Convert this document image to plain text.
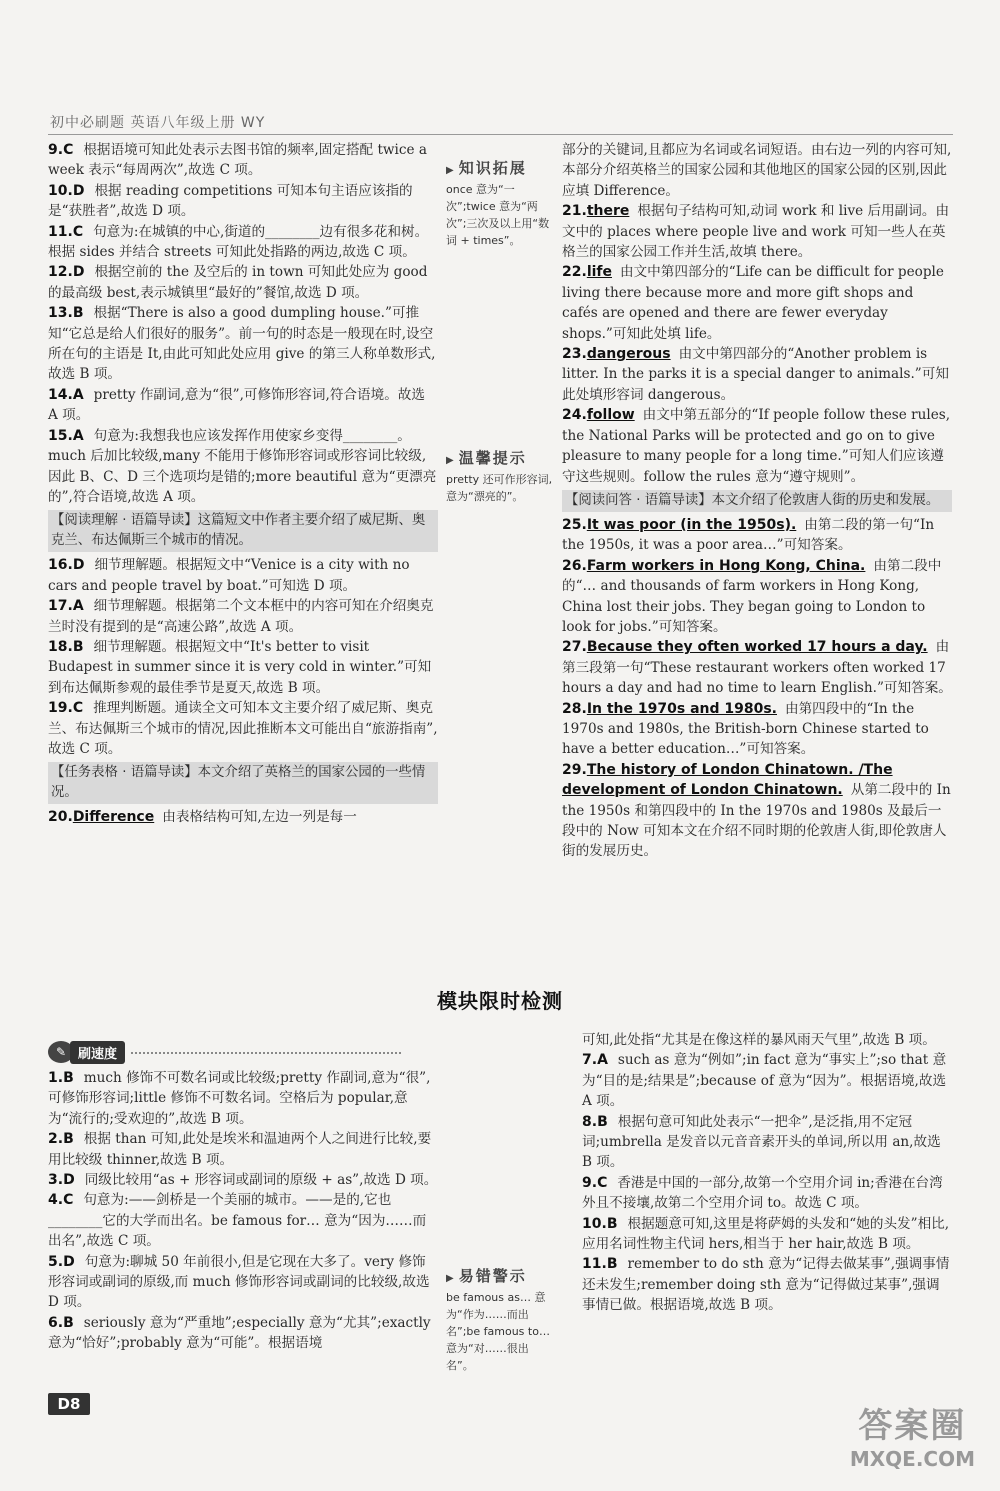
初中必刷题 英语八年级上册 WY
9.C 根据语境可知此处表示去图书馆的频率,固定搭配 twice a week 表示“每周两次”,故选 C 项。
10.D 根据 reading competitions 可知本句主语应该指的是“获胜者”,故选 D 项。
11.C 句意为:在城镇的中心,街道的________边有很多花和树。根据 sides 并结合 streets 可知此处指路的两边,故选 C 项。
12.D 根据空前的 the 及空后的 in town 可知此处应为 good 的最高级 best,表示城镇里“最好的”餐馆,故选 D 项。
13.B 根据“There is also a good dumpling house.”可推知“它总是给人们很好的服务”。前一句的时态是一般现在时,设空所在句的主语是 It,由此可知此处应用 give 的第三人称单数形式,故选 B 项。
14.A pretty 作副词,意为“很”,可修饰形容词,符合语境。故选 A 项。
15.A 句意为:我想我也应该发挥作用使家乡变得________。much 后加比较级,many 不能用于修饰形容词或形容词比较级,因此 B、C、D 三个选项均是错的;more beautiful 意为“更漂亮的”,符合语境,故选 A 项。
【阅读理解 · 语篇导读】这篇短文中作者主要介绍了威尼斯、奥克兰、布达佩斯三个城市的情况。
16.D 细节理解题。根据短文中“Venice is a city with no cars and people travel by boat.”可知选 D 项。
17.A 细节理解题。根据第二个文本框中的内容可知在介绍奥克兰时没有提到的是“高速公路”,故选 A 项。
18.B 细节理解题。根据短文中“It's better to visit Budapest in summer since it is very cold in winter.”可知到布达佩斯参观的最佳季节是夏天,故选 B 项。
19.C 推理判断题。通读全文可知本文主要介绍了威尼斯、奥克兰、布达佩斯三个城市的情况,因此推断本文可能出自“旅游指南”,故选 C 项。
【任务表格 · 语篇导读】本文介绍了英格兰的国家公园的一些情况。
20.Difference 由表格结构可知,左边一列是每一
部分的关键词,且都应为名词或名词短语。由右边一列的内容可知,本部分介绍英格兰的国家公园和其他地区的国家公园的区别,因此应填 Difference。
21.there 根据句子结构可知,动词 work 和 live 后用副词。由文中的 places where people live and work 可知一些人在英格兰的国家公园工作并生活,故填 there。
22.life 由文中第四部分的“Life can be difficult for people living there because more and more gift shops and cafés are opened and there are fewer everyday shops.”可知此处填 life。
23.dangerous 由文中第四部分的“Another problem is litter. In the parks it is a special danger to animals.”可知此处填形容词 dangerous。
24.follow 由文中第五部分的“If people follow these rules, the National Parks will be protected and go on to give pleasure to many people for a long time.”可知人们应该遵守这些规则。follow the rules 意为“遵守规则”。
【阅读问答 · 语篇导读】本文介绍了伦敦唐人街的历史和发展。
25.It was poor (in the 1950s). 由第二段的第一句“In the 1950s, it was a poor area…”可知答案。
26.Farm workers in Hong Kong, China. 由第二段中的“… and thousands of farm workers in Hong Kong, China lost their jobs. They began going to London to look for jobs.”可知答案。
27.Because they often worked 17 hours a day. 由第三段第一句“These restaurant workers often worked 17 hours a day and had no time to learn English.”可知答案。
28.In the 1970s and 1980s. 由第四段中的“In the 1970s and 1980s, the British-born Chinese started to have a better education…”可知答案。
29.The history of London Chinatown. /The development of London Chinatown. 从第二段中的 In the 1950s 和第四段中的 In the 1970s and 1980s 及最后一段中的 Now 可知本文在介绍不同时期的伦敦唐人街,即伦敦唐人街的发展历史。
▶ 知识拓展
once 意为“一次”;twice 意为“两次”;三次及以上用“数词 + times”。
▶ 温馨提示
pretty 还可作形容词,意为“漂亮的”。
模块限时检测
✎ 刷速度
1.B much 修饰不可数名词或比较级;pretty 作副词,意为“很”,可修饰形容词;little 修饰不可数名词。空格后为 popular,意为“流行的;受欢迎的”,故选 B 项。
2.B 根据 than 可知,此处是埃米和温迪两个人之间进行比较,要用比较级 thinner,故选 B 项。
3.D 同级比较用“as + 形容词或副词的原级 + as”,故选 D 项。
4.C 句意为:——剑桥是一个美丽的城市。——是的,它也________它的大学而出名。be famous for… 意为“因为……而出名”,故选 C 项。
5.D 句意为:聊城 50 年前很小,但是它现在大多了。very 修饰形容词或副词的原级,而 much 修饰形容词或副词的比较级,故选 D 项。
6.B seriously 意为“严重地”;especially 意为“尤其”;exactly 意为“恰好”;probably 意为“可能”。根据语境
可知,此处指“尤其是在像这样的暴风雨天气里”,故选 B 项。
7.A such as 意为“例如”;in fact 意为“事实上”;so that 意为“目的是;结果是”;because of 意为“因为”。根据语境,故选 A 项。
8.B 根据句意可知此处表示“一把伞”,是泛指,用不定冠词;umbrella 是发音以元音音素开头的单词,所以用 an,故选 B 项。
9.C 香港是中国的一部分,故第一个空用介词 in;香港在台湾外且不接壤,故第二个空用介词 to。故选 C 项。
10.B 根据题意可知,这里是将萨姆的头发和“她的头发”相比,应用名词性物主代词 hers,相当于 her hair,故选 B 项。
11.B remember to do sth 意为“记得去做某事”,强调事情还未发生;remember doing sth 意为“记得做过某事”,强调事情已做。根据语境,故选 B 项。
▶ 易错警示
be famous as… 意为“作为……而出名”;be famous to… 意为“对……很出名”。
D8
答案圈
MXQE.COM
